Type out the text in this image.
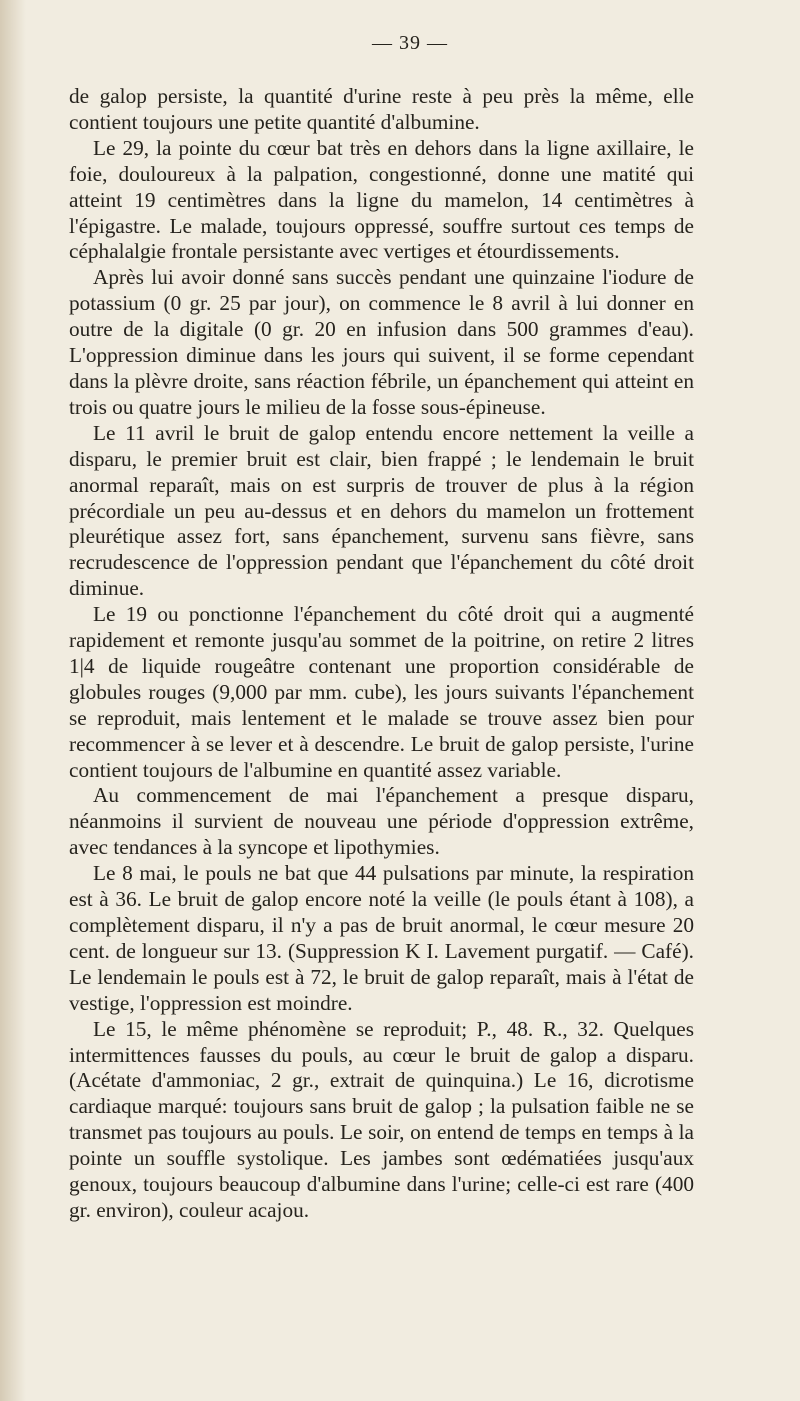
— 39 —

de galop persiste, la quantité d'urine reste à peu près la même, elle contient toujours une petite quantité d'albumine.

Le 29, la pointe du cœur bat très en dehors dans la ligne axillaire, le foie, douloureux à la palpation, congestionné, donne une matité qui atteint 19 centimètres dans la ligne du mamelon, 14 centimètres à l'épigastre. Le malade, toujours oppressé, souffre surtout ces temps de céphalalgie frontale persistante avec vertiges et étourdissements.

Après lui avoir donné sans succès pendant une quinzaine l'iodure de potassium (0 gr. 25 par jour), on commence le 8 avril à lui donner en outre de la digitale (0 gr. 20 en infusion dans 500 grammes d'eau). L'oppression diminue dans les jours qui suivent, il se forme cependant dans la plèvre droite, sans réaction fébrile, un épanchement qui atteint en trois ou quatre jours le milieu de la fosse sous-épineuse.

Le 11 avril le bruit de galop entendu encore nettement la veille a disparu, le premier bruit est clair, bien frappé ; le lendemain le bruit anormal reparaît, mais on est surpris de trouver de plus à la région précordiale un peu au-dessus et en dehors du mamelon un frottement pleurétique assez fort, sans épanchement, survenu sans fièvre, sans recrudescence de l'oppression pendant que l'épanchement du côté droit diminue.

Le 19 ou ponctionne l'épanchement du côté droit qui a augmenté rapidement et remonte jusqu'au sommet de la poitrine, on retire 2 litres 1|4 de liquide rougeâtre contenant une proportion considérable de globules rouges (9,000 par mm. cube), les jours suivants l'épanchement se reproduit, mais lentement et le malade se trouve assez bien pour recommencer à se lever et à descendre. Le bruit de galop persiste, l'urine contient toujours de l'albumine en quantité assez variable.

Au commencement de mai l'épanchement a presque disparu, néanmoins il survient de nouveau une période d'oppression extrême, avec tendances à la syncope et lipothymies.

Le 8 mai, le pouls ne bat que 44 pulsations par minute, la respiration est à 36. Le bruit de galop encore noté la veille (le pouls étant à 108), a complètement disparu, il n'y a pas de bruit anormal, le cœur mesure 20 cent. de longueur sur 13. (Suppression K I. Lavement purgatif. — Café). Le lendemain le pouls est à 72, le bruit de galop reparaît, mais à l'état de vestige, l'oppression est moindre.

Le 15, le même phénomène se reproduit; P., 48. R., 32. Quelques intermittences fausses du pouls, au cœur le bruit de galop a disparu. (Acétate d'ammoniac, 2 gr., extrait de quinquina.) Le 16, dicrotisme cardiaque marqué: toujours sans bruit de galop ; la pulsation faible ne se transmet pas toujours au pouls. Le soir, on entend de temps en temps à la pointe un souffle systolique. Les jambes sont œdématiées jusqu'aux genoux, toujours beaucoup d'albumine dans l'urine; celle-ci est rare (400 gr. environ), couleur acajou.
